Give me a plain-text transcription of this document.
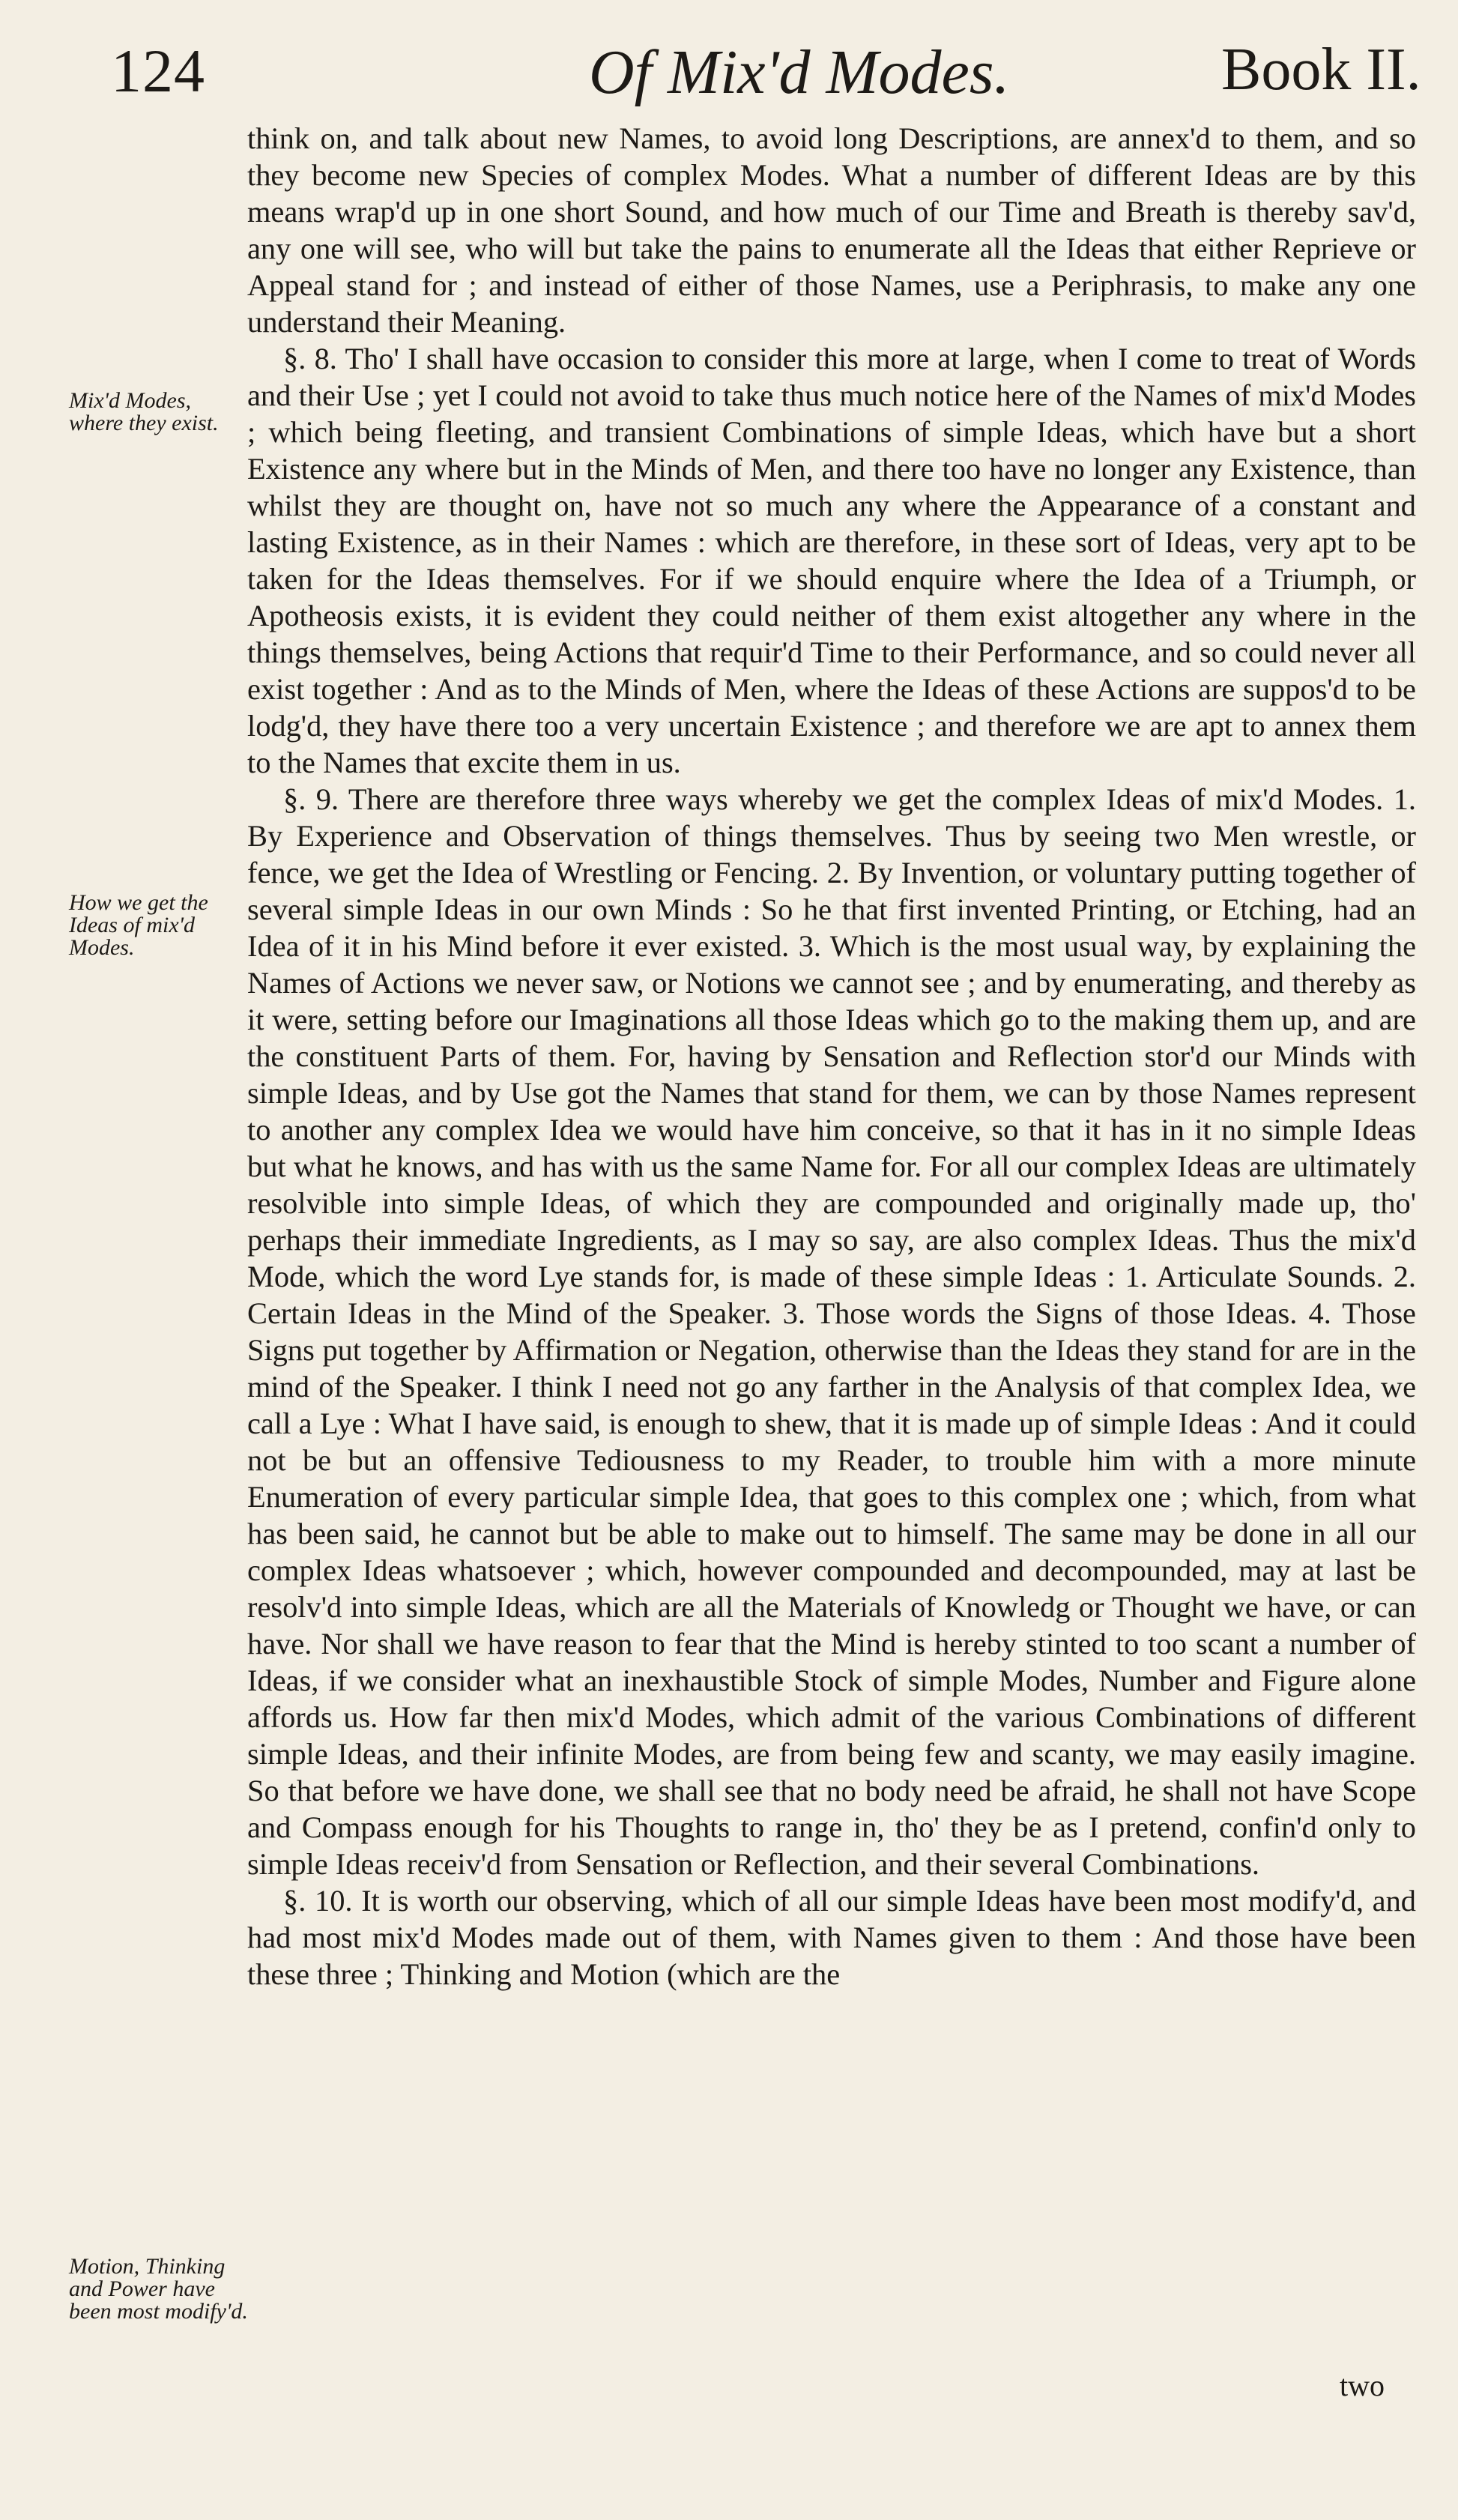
124	Of Mix'd Modes.	Book II.
Mix'd Modes, where they exist.
How we get the Ideas of mix'd Modes.
Motion, Thinking and Power have been most modify'd.

think on, and talk about new Names, to avoid long Descriptions, are annex'd to them, and so they become new Species of complex Modes. What a number of different Ideas are by this means wrap'd up in one short Sound, and how much of our Time and Breath is thereby sav'd, any one will see, who will but take the pains to enumerate all the Ideas that either Reprieve or Appeal stand for ; and instead of either of those Names, use a Periphrasis, to make any one understand their Meaning.

§. 8. Tho' I shall have occasion to consider this more at large, when I come to treat of Words and their Use ; yet I could not avoid to take thus much notice here of the Names of mix'd Modes ; which being fleeting, and transient Combinations of simple Ideas, which have but a short Existence any where but in the Minds of Men, and there too have no longer any Existence, than whilst they are thought on, have not so much any where the Appearance of a constant and lasting Existence, as in their Names : which are therefore, in these sort of Ideas, very apt to be taken for the Ideas themselves. For if we should enquire where the Idea of a Triumph, or Apotheosis exists, it is evident they could neither of them exist altogether any where in the things themselves, being Actions that requir'd Time to their Performance, and so could never all exist together : And as to the Minds of Men, where the Ideas of these Actions are suppos'd to be lodg'd, they have there too a very uncertain Existence ; and therefore we are apt to annex them to the Names that excite them in us.

§. 9. There are therefore three ways whereby we get the complex Ideas of mix'd Modes. 1. By Experience and Observation of things themselves. Thus by seeing two Men wrestle, or fence, we get the Idea of Wrestling or Fencing. 2. By Invention, or voluntary putting together of several simple Ideas in our own Minds : So he that first invented Printing, or Etching, had an Idea of it in his Mind before it ever existed. 3. Which is the most usual way, by explaining the Names of Actions we never saw, or Notions we cannot see ; and by enumerating, and thereby as it were, setting before our Imaginations all those Ideas which go to the making them up, and are the constituent Parts of them. For, having by Sensation and Reflection stor'd our Minds with simple Ideas, and by Use got the Names that stand for them, we can by those Names represent to another any complex Idea we would have him conceive, so that it has in it no simple Ideas but what he knows, and has with us the same Name for. For all our complex Ideas are ultimately resolvible into simple Ideas, of which they are compounded and originally made up, tho' perhaps their immediate Ingredients, as I may so say, are also complex Ideas. Thus the mix'd Mode, which the word Lye stands for, is made of these simple Ideas : 1. Articulate Sounds. 2. Certain Ideas in the Mind of the Speaker. 3. Those words the Signs of those Ideas. 4. Those Signs put together by Affirmation or Negation, otherwise than the Ideas they stand for are in the mind of the Speaker. I think I need not go any farther in the Analysis of that complex Idea, we call a Lye : What I have said, is enough to shew, that it is made up of simple Ideas : And it could not be but an offensive Tediousness to my Reader, to trouble him with a more minute Enumeration of every particular simple Idea, that goes to this complex one ; which, from what has been said, he cannot but be able to make out to himself. The same may be done in all our complex Ideas whatsoever ; which, however compounded and decompounded, may at last be resolv'd into simple Ideas, which are all the Materials of Knowledg or Thought we have, or can have. Nor shall we have reason to fear that the Mind is hereby stinted to too scant a number of Ideas, if we consider what an inexhaustible Stock of simple Modes, Number and Figure alone affords us. How far then mix'd Modes, which admit of the various Combinations of different simple Ideas, and their infinite Modes, are from being few and scanty, we may easily imagine. So that before we have done, we shall see that no body need be afraid, he shall not have Scope and Compass enough for his Thoughts to range in, tho' they be as I pretend, confin'd only to simple Ideas receiv'd from Sensation or Reflection, and their several Combinations.

§. 10. It is worth our observing, which of all our simple Ideas have been most modify'd, and had most mix'd Modes made out of them, with Names given to them : And those have been these three ; Thinking and Motion (which are the

two
